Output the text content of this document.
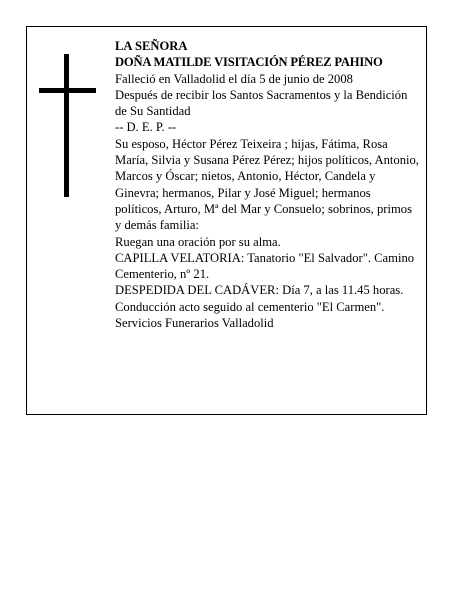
LA SEÑORA

DOÑA MATILDE VISITACIÓN PÉREZ PAHINO

Falleció en Valladolid el día 5 de junio de 2008

Después de recibir los Santos Sacramentos y la Bendición de Su Santidad

-- D. E. P. --

Su esposo, Héctor Pérez Teixeira ; hijas, Fátima, Rosa María, Silvia y Susana Pérez Pérez; hijos políticos, Antonio, Marcos y Óscar; nietos, Antonio, Héctor, Candela y Ginevra; hermanos, Pilar y José Miguel; hermanos políticos, Arturo, Mª del Mar y Consuelo; sobrinos, primos y demás familia:

Ruegan una oración por su alma.

CAPILLA VELATORIA: Tanatorio "El Salvador". Camino Cementerio, nº 21.

DESPEDIDA DEL CADÁVER: Día 7, a las 11.45 horas. Conducción acto seguido al cementerio "El Carmen".

Servicios Funerarios Valladolid
